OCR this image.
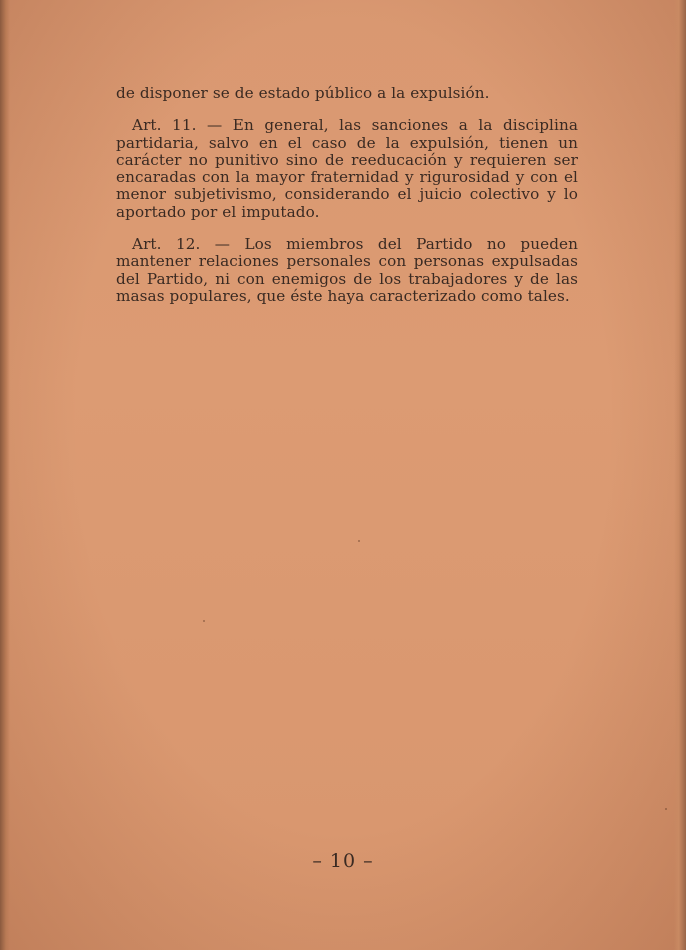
de disponer se de estado público a la expulsión.

Art. 11. — En general, las sanciones a la disciplina partidaria, salvo en el caso de la expulsión, tienen un carácter no punitivo sino de reeducación y requieren ser encaradas con la mayor fraternidad y rigurosidad y con el menor subjetivismo, considerando el juicio colectivo y lo aportado por el imputado.

Art. 12. — Los miembros del Partido no pueden mantener relaciones personales con personas expulsadas del Partido, ni con enemigos de los trabajadores y de las masas populares, que éste haya caracterizado como tales.

– 10 –
